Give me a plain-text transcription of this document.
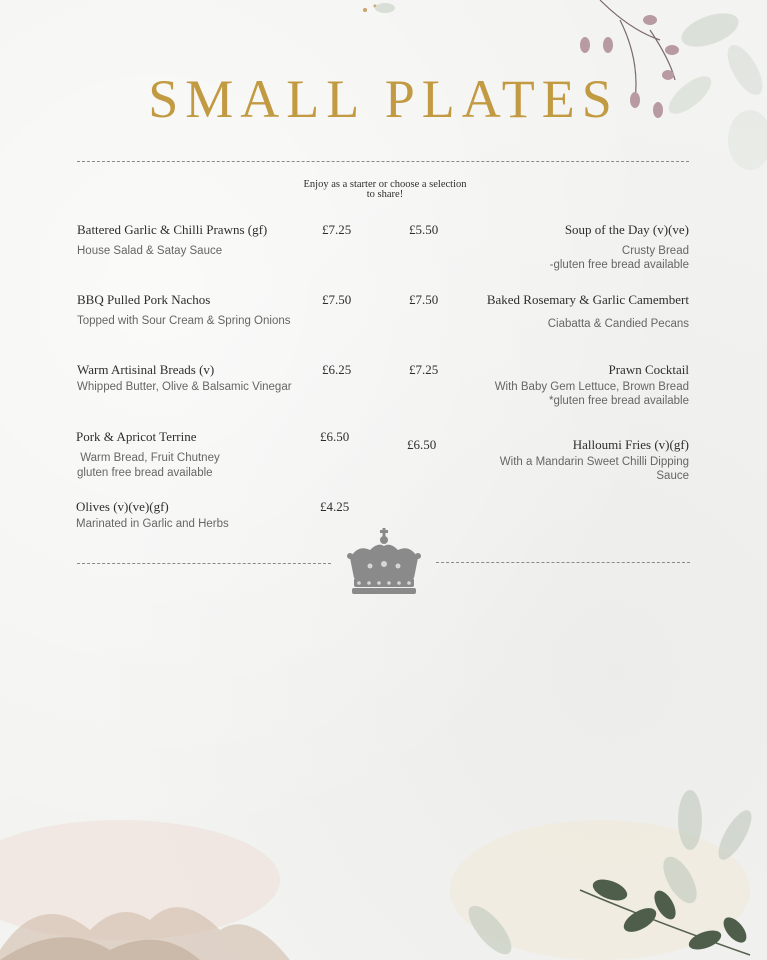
SMALL PLATES
Enjoy as a starter or choose a selection to share!
Battered Garlic & Chilli Prawns (gf)	£7.25
House Salad & Satay Sauce
BBQ Pulled Pork Nachos	£7.50
Topped with Sour Cream & Spring Onions
Warm Artisinal Breads (v)	£6.25
Whipped Butter, Olive & Balsamic Vinegar
Pork & Apricot Terrine	£6.50
Warm Bread, Fruit Chutney
gluten free bread available
Olives (v)(ve)(gf)	£4.25
Marinated in Garlic and Herbs
£5.50	Soup of the Day (v)(ve)
Crusty Bread
-gluten free bread available
£7.50	Baked Rosemary & Garlic Camembert
Ciabatta & Candied Pecans
£7.25	Prawn Cocktail
With Baby Gem Lettuce, Brown Bread
*gluten free bread available
£6.50	Halloumi Fries (v)(gf)
With a Mandarin Sweet Chilli Dipping
Sauce
